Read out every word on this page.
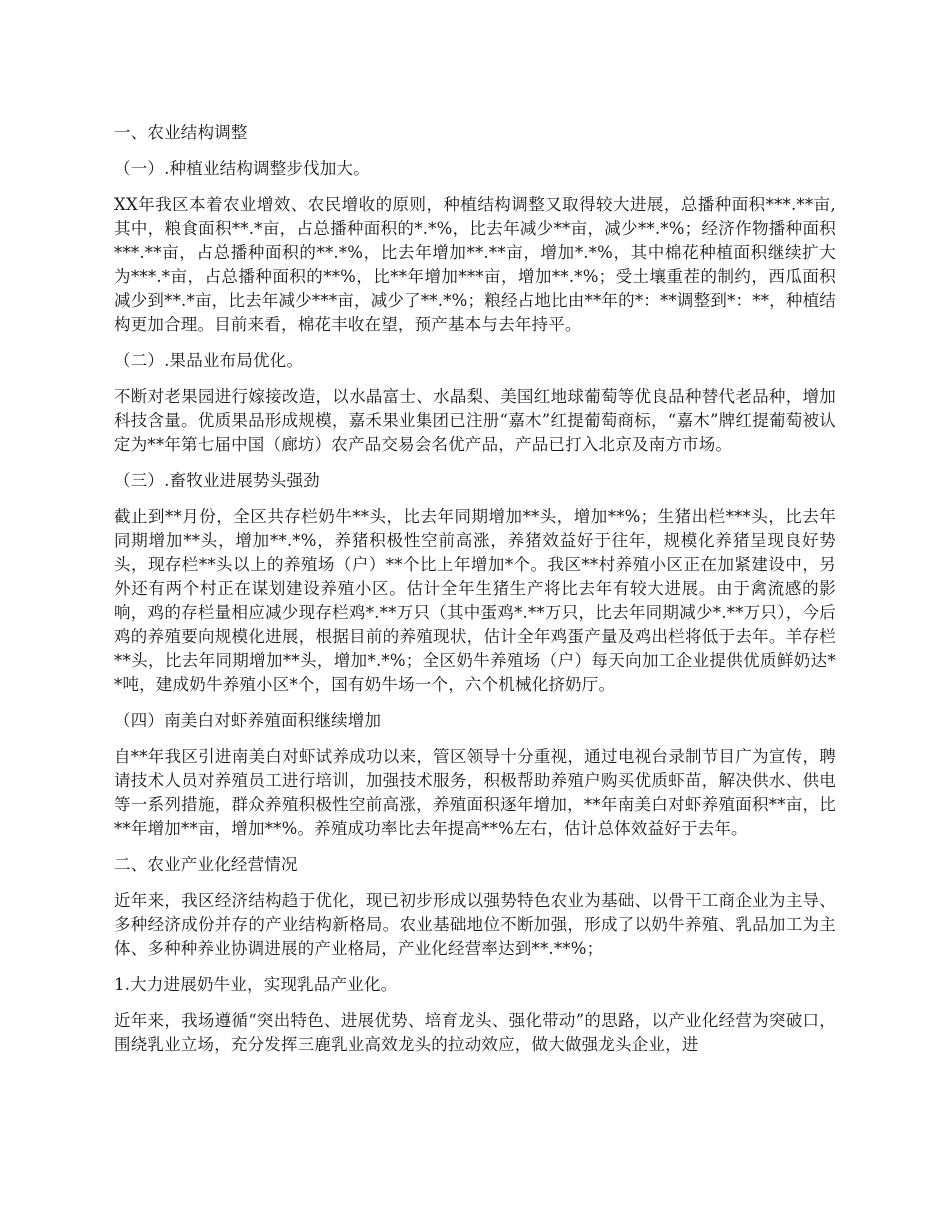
一、农业结构调整

（一）.种植业结构调整步伐加大。

XX年我区本着农业增效、农民增收的原则，种植结构调整又取得较大进展，总播种面积***.**亩,其中，粮食面积**.*亩，占总播种面积的*.*%，比去年减少**亩，减少**.*%；经济作物播种面积***.**亩，占总播种面积的**.*%，比去年增加**.**亩，增加*.*%，其中棉花种植面积继续扩大为***.*亩，占总播种面积的**%，比**年增加***亩，增加**.*%；受土壤重茬的制约，西瓜面积减少到**.*亩，比去年减少***亩，减少了**.*%；粮经占地比由**年的*：**调整到*：**，种植结构更加合理。目前来看，棉花丰收在望，预产基本与去年持平。

（二）.果品业布局优化。

不断对老果园进行嫁接改造，以水晶富士、水晶梨、美国红地球葡萄等优良品种替代老品种，增加科技含量。优质果品形成规模，嘉禾果业集团已注册“嘉木”红提葡萄商标，“嘉木”牌红提葡萄被认定为**年第七届中国（廊坊）农产品交易会名优产品，产品已打入北京及南方市场。

（三）.畜牧业进展势头强劲

截止到**月份，全区共存栏奶牛**头，比去年同期增加**头，增加**%；生猪出栏***头，比去年同期增加**头，增加**.*%，养猪积极性空前高涨，养猪效益好于往年，规模化养猪呈现良好势头，现存栏**头以上的养殖场（户）**个比上年增加*个。我区**村养殖小区正在加紧建设中，另外还有两个村正在谋划建设养殖小区。估计全年生猪生产将比去年有较大进展。由于禽流感的影响，鸡的存栏量相应减少现存栏鸡*.**万只（其中蛋鸡*.**万只，比去年同期减少*.**万只），今后鸡的养殖要向规模化进展，根据目前的养殖现状，估计全年鸡蛋产量及鸡出栏将低于去年。羊存栏**头，比去年同期增加**头，增加*.*%；全区奶牛养殖场（户）每天向加工企业提供优质鲜奶达**吨，建成奶牛养殖小区*个，国有奶牛场一个，六个机械化挤奶厅。

（四）南美白对虾养殖面积继续增加

自**年我区引进南美白对虾试养成功以来，管区领导十分重视，通过电视台录制节目广为宣传，聘请技术人员对养殖员工进行培训，加强技术服务，积极帮助养殖户购买优质虾苗，解决供水、供电等一系列措施，群众养殖积极性空前高涨，养殖面积逐年增加，**年南美白对虾养殖面积**亩，比**年增加**亩，增加**%。养殖成功率比去年提高**%左右，估计总体效益好于去年。

二、农业产业化经营情况

近年来，我区经济结构趋于优化，现已初步形成以强势特色农业为基础、以骨干工商企业为主导、多种经济成份并存的产业结构新格局。农业基础地位不断加强，形成了以奶牛养殖、乳品加工为主体、多种种养业协调进展的产业格局，产业化经营率达到**.**%；

1.大力进展奶牛业，实现乳品产业化。

近年来，我场遵循“突出特色、进展优势、培育龙头、强化带动”的思路，以产业化经营为突破口，围绕乳业立场，充分发挥三鹿乳业高效龙头的拉动效应，做大做强龙头企业，进
